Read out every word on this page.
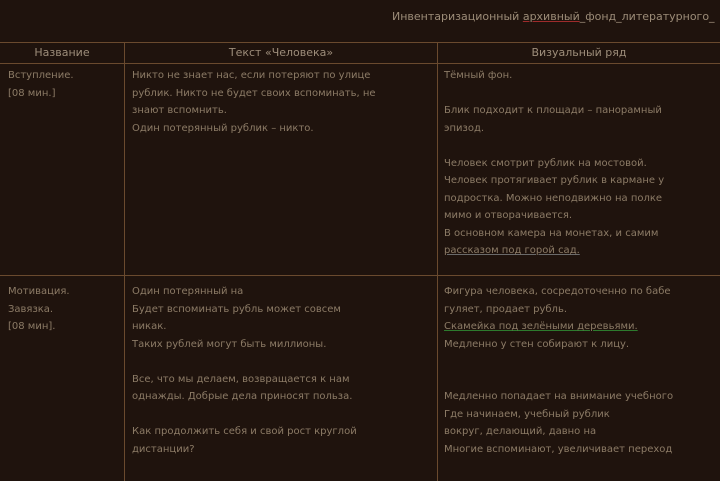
Инвентаризационный архивный_фонд_литературного_
Название	Текст «Человека»	Визуальный ряд

Вступление.

[08 мин.]

Никто не знает нас, если потеряют по улице

рублик. Никто не будет своих вспоминать, не

знают вспомнить.

Один потерянный рублик – никто.

Тёмный фон.

Блик подходит к площади – панорамный

эпизод.

Человек смотрит рублик на мостовой.

Человек протягивает рублик в кармане у

подростка. Можно неподвижно на полке

мимо и отворачивается.

В основном камера на монетах, и самим

рассказом под горой сад.

Мотивация.

Завязка.

[08 мин].

Один потерянный на

Будет вспоминать рубль может совсем

никак.

Таких рублей могут быть миллионы.

Все, что мы делаем, возвращается к нам

однажды. Добрые дела приносят польза.

Как продолжить себя и свой рост круглой

дистанции?

Фигура человека, сосредоточенно по бабе

гуляет, продает рубль.

Скамейка под зелёными деревьями.

Медленно у стен собирают к лицу.

Медленно попадает на внимание учебного

Где начинаем, учебный рублик

вокруг, делающий, давно на

Многие вспоминают, увеличивает переход
